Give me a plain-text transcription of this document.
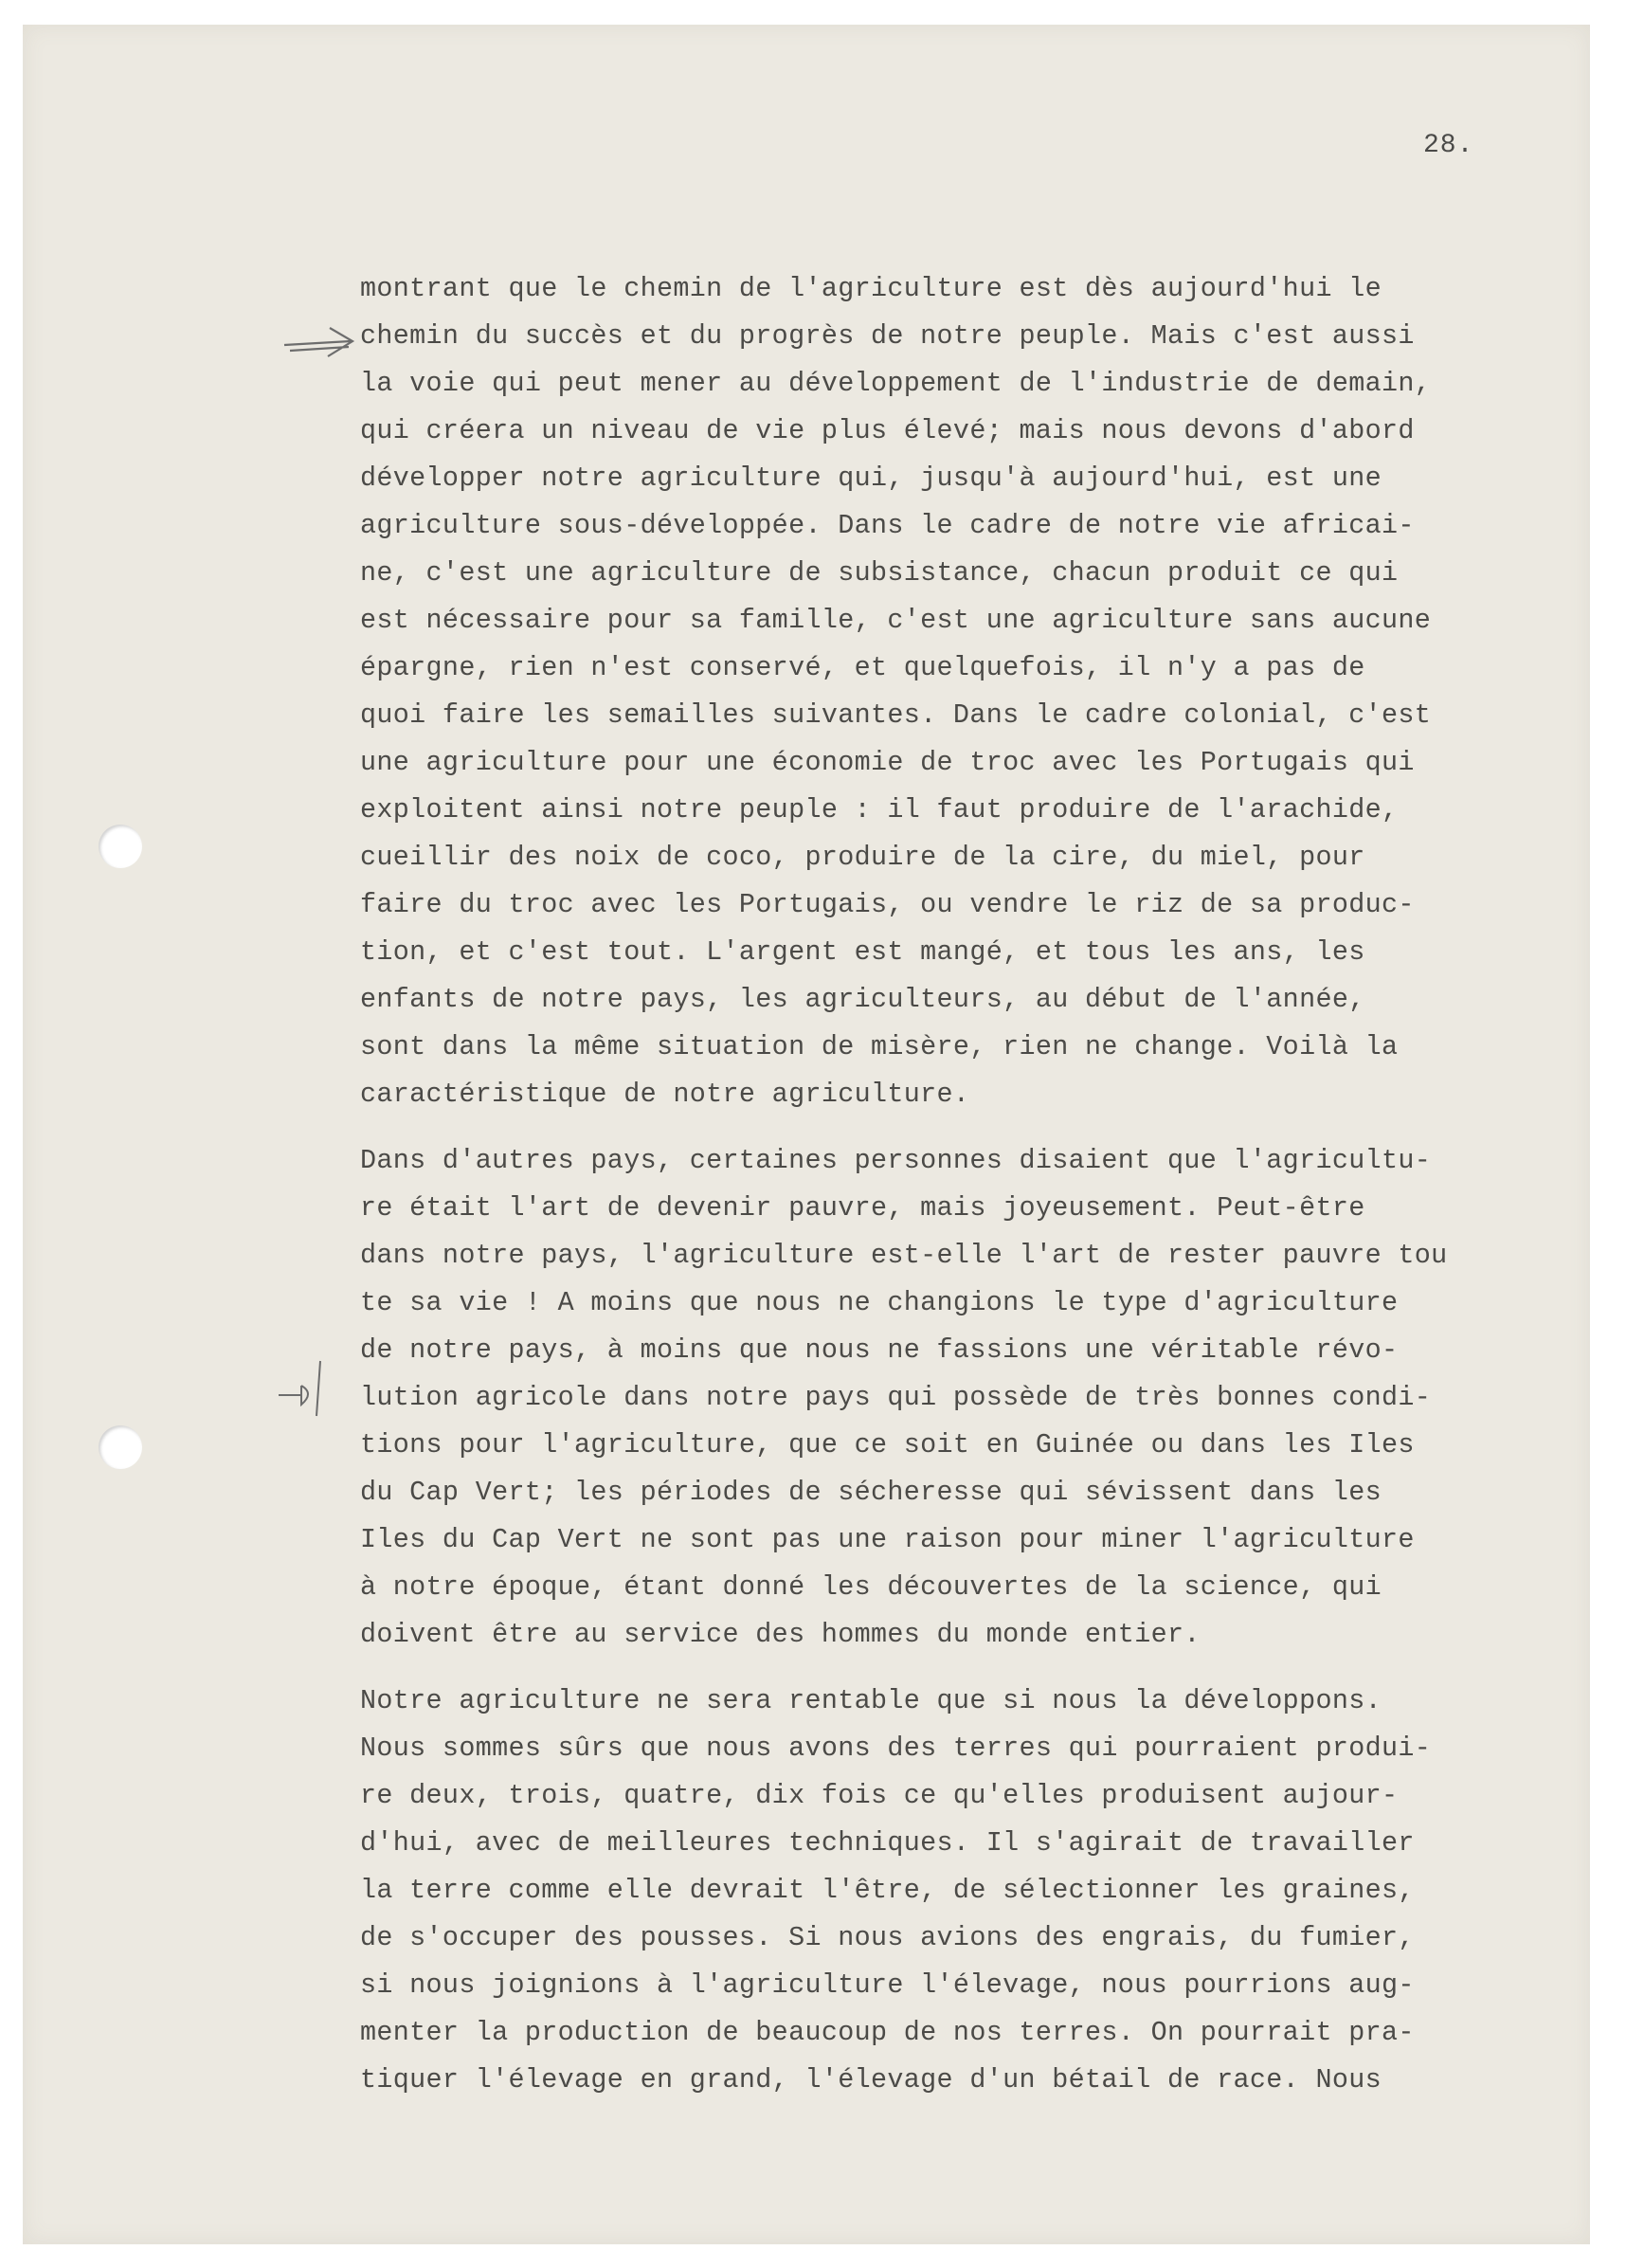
28.
montrant que le chemin de l'agriculture est dès aujourd'hui le
chemin du succès et du progrès de notre peuple. Mais c'est aussi
la voie qui peut mener au développement de l'industrie de demain,
qui créera un niveau de vie plus élevé; mais nous devons d'abord
développer notre agriculture qui, jusqu'à aujourd'hui, est une
agriculture sous-développée. Dans le cadre de notre vie africai-
ne, c'est une agriculture de subsistance, chacun produit ce qui
est nécessaire pour sa famille, c'est une agriculture sans aucune
épargne, rien n'est conservé, et quelquefois, il n'y a pas de
quoi faire les semailles suivantes. Dans le cadre colonial, c'est
une agriculture pour une économie de troc avec les Portugais qui
exploitent ainsi notre peuple : il faut produire de l'arachide,
cueillir des noix de coco, produire de la cire, du miel, pour
faire du troc avec les Portugais, ou vendre le riz de sa produc-
tion, et c'est tout. L'argent est mangé, et tous les ans, les
enfants de notre pays, les agriculteurs, au début de l'année,
sont dans la même situation de misère, rien ne change. Voilà la
caractéristique de notre agriculture.
Dans d'autres pays, certaines personnes disaient que l'agricultu-
re était l'art de devenir pauvre, mais joyeusement. Peut-être
dans notre pays, l'agriculture est-elle l'art de rester pauvre tou
te sa vie ! A moins que nous ne changions le type d'agriculture
de notre pays, à moins que nous ne fassions une véritable révo-
lution agricole dans notre pays qui possède de très bonnes condi-
tions pour l'agriculture, que ce soit en Guinée ou dans les Iles
du Cap Vert; les périodes de sécheresse qui sévissent dans les
Iles du Cap Vert ne sont pas une raison pour miner l'agriculture
à notre époque, étant donné les découvertes de la science, qui
doivent être au service des hommes du monde entier.
Notre agriculture ne sera rentable que si nous la développons.
Nous sommes sûrs que nous avons des terres qui pourraient produi-
re deux, trois, quatre, dix fois ce qu'elles produisent aujour-
d'hui, avec de meilleures techniques. Il s'agirait de travailler
la terre comme elle devrait l'être, de sélectionner les graines,
de s'occuper des pousses. Si nous avions des engrais, du fumier,
si nous joignions à l'agriculture l'élevage, nous pourrions aug-
menter la production de beaucoup de nos terres. On pourrait pra-
tiquer l'élevage en grand, l'élevage d'un bétail de race. Nous
